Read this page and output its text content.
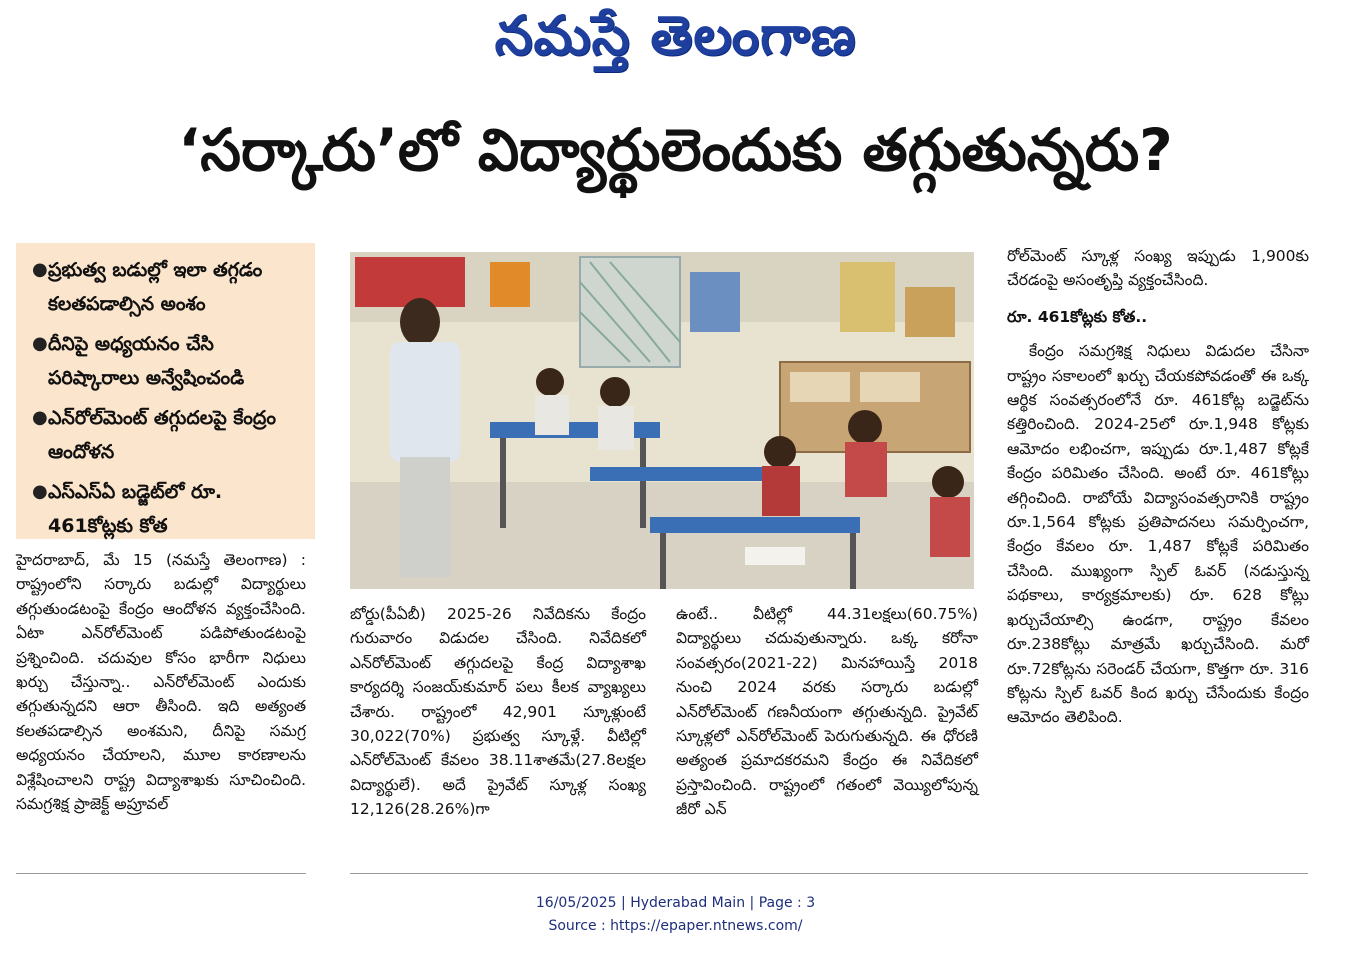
నమస్తే తెలంగాణ
‘సర్కారు’లో విద్యార్థులెందుకు తగ్గుతున్నరు?
● ప్రభుత్వ బడుల్లో ఇలా తగ్గడం కలతపడాల్సిన అంశం
● దీనిపై అధ్యయనం చేసి పరిష్కారాలు అన్వేషించండి
● ఎన్‌రోల్‌మెంట్ తగ్గుదలపై కేంద్రం ఆందోళన
● ఎస్‌ఎస్‌ఏ బడ్జెట్‌లో రూ. 461కోట్లకు కోత
హైదరాబాద్, మే 15 (నమస్తే తెలంగాణ) : రాష్ట్రంలోని సర్కారు బడుల్లో విద్యార్థులు తగ్గుతుండటంపై కేంద్రం ఆందోళన వ్యక్తంచేసింది. ఏటా ఎన్‌రోల్‌మెంట్ పడిపోతుండటంపై ప్రశ్నించింది. చదువుల కోసం భారీగా నిధులు ఖర్చు చేస్తున్నా.. ఎన్‌రోల్‌మెంట్ ఎందుకు తగ్గుతున్నదని ఆరా తీసింది. ఇది అత్యంత కలతపడాల్సిన అంశమని, దీనిపై సమగ్ర అధ్యయనం చేయాలని, మూల కారణాలను విశ్లేషించాలని రాష్ట్ర విద్యాశాఖకు సూచించింది. సమగ్రశిక్ష ప్రాజెక్ట్ అప్రూవల్
బోర్డు(పీఏబీ) 2025-26 నివేదికను కేంద్రం గురువారం విడుదల చేసింది. నివేదికలో ఎన్‌రోల్‌మెంట్ తగ్గుదలపై కేంద్ర విద్యాశాఖ కార్యదర్శి సంజయ్‌కుమార్ పలు కీలక వ్యాఖ్యలు చేశారు. రాష్ట్రంలో 42,901 స్కూళ్లుంటే 30,022(70%) ప్రభుత్వ స్కూళ్లే. వీటిల్లో ఎన్‌రోల్‌మెంట్ కేవలం 38.11శాతమే(27.8లక్షల విద్యార్థులే). అదే ప్రైవేట్ స్కూళ్ల సంఖ్య 12,126(28.26%)గా
ఉంటే.. వీటిల్లో 44.31లక్షలు(60.75%) విద్యార్థులు చదువుతున్నారు. ఒక్క కరోనా సంవత్సరం(2021-22) మినహాయిస్తే 2018 నుంచి 2024 వరకు సర్కారు బడుల్లో ఎన్‌రోల్‌మెంట్ గణనీయంగా తగ్గుతున్నది. ప్రైవేట్ స్కూళ్లలో ఎన్‌రోల్‌మెంట్ పెరుగుతున్నది. ఈ ధోరణి అత్యంత ప్రమాదకరమని కేంద్రం ఈ నివేదికలో ప్రస్తావించింది. రాష్ట్రంలో గతంలో వెయ్యిలోపున్న జీరో ఎన్
రోల్‌మెంట్ స్కూళ్ల సంఖ్య ఇప్పుడు 1,900కు చేరడంపై అసంతృప్తి వ్యక్తంచేసింది.
రూ. 461కోట్లకు కోత..
కేంద్రం సమగ్రశిక్ష నిధులు విడుదల చేసినా రాష్ట్రం సకాలంలో ఖర్చు చేయకపోవడంతో ఈ ఒక్క ఆర్థిక సంవత్సరంలోనే రూ. 461కోట్ల బడ్జెట్‌ను కత్తిరించింది. 2024-25లో రూ.1,948 కోట్లకు ఆమోదం లభించగా, ఇప్పుడు రూ.1,487 కోట్లకే కేంద్రం పరిమితం చేసింది. అంటే రూ. 461కోట్లు తగ్గించింది. రాబోయే విద్యాసంవత్సరానికి రాష్ట్రం రూ.1,564 కోట్లకు ప్రతిపాదనలు సమర్పించగా, కేంద్రం కేవలం రూ. 1,487 కోట్లకే పరిమితం చేసింది. ముఖ్యంగా స్పిల్ ఓవర్ (నడుస్తున్న పథకాలు, కార్యక్రమాలకు) రూ. 628 కోట్లు ఖర్చుచేయాల్సి ఉండగా, రాష్ట్రం కేవలం రూ.238కోట్లు మాత్రమే ఖర్చుచేసింది. మరో రూ.72కోట్లను సరెండర్ చేయగా, కొత్తగా రూ. 316 కోట్లను స్పిల్ ఓవర్ కింద ఖర్చు చేసేందుకు కేంద్రం ఆమోదం తెలిపింది.
16/05/2025 | Hyderabad Main | Page : 3
Source : https://epaper.ntnews.com/
